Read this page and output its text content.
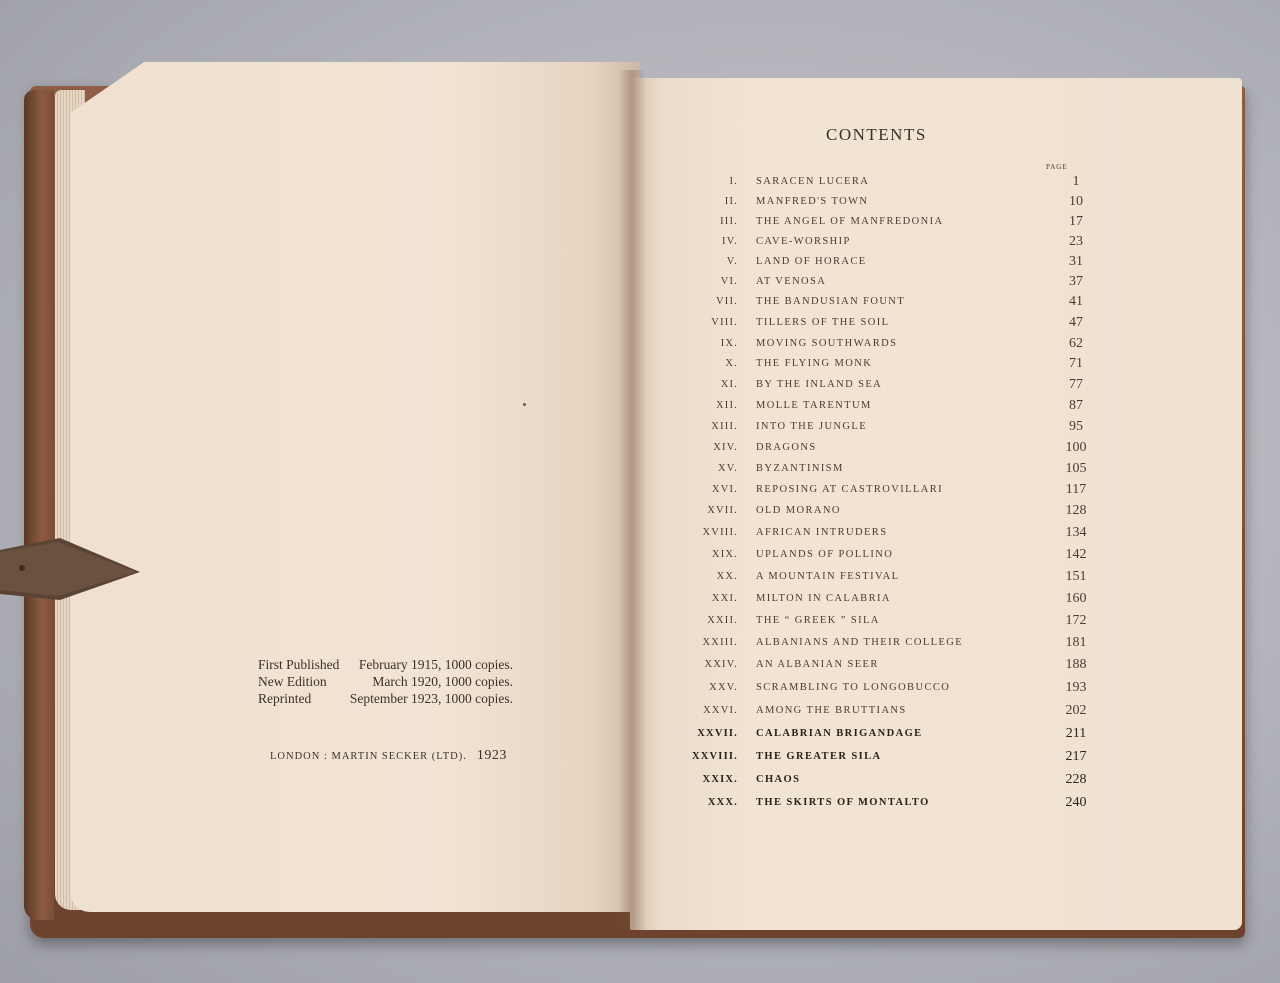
First Published February 1915, 1000 copies.
New Edition	March 1920, 1000 copies.
Reprinted	September 1923, 1000 copies.
LONDON : MARTIN SECKER (LTD). 1923
CONTENTS
PAGE
I. SARACEN LUCERA	1
II. MANFRED'S TOWN	10
III. THE ANGEL OF MANFREDONIA	17
IV. CAVE-WORSHIP	23
V. LAND OF HORACE	31
VI. AT VENOSA	37
VII. THE BANDUSIAN FOUNT	41
VIII. TILLERS OF THE SOIL	47
IX. MOVING SOUTHWARDS	62
X. THE FLYING MONK	71
XI. BY THE INLAND SEA	77
XII. MOLLE TARENTUM	87
XIII. INTO THE JUNGLE	95
XIV. DRAGONS	100
XV. BYZANTINISM	105
XVI. REPOSING AT CASTROVILLARI	117
XVII. OLD MORANO	128
XVIII. AFRICAN INTRUDERS	134
XIX. UPLANDS OF POLLINO	142
XX. A MOUNTAIN FESTIVAL	151
XXI. MILTON IN CALABRIA	160
XXII. THE “ GREEK ” SILA	172
XXIII. ALBANIANS AND THEIR COLLEGE	181
XXIV. AN ALBANIAN SEER	188
XXV. SCRAMBLING TO LONGOBUCCO	193
XXVI. AMONG THE BRUTTIANS	202
XXVII. CALABRIAN BRIGANDAGE	211
XXVIII. THE GREATER SILA	217
XXIX. CHAOS	228
XXX. THE SKIRTS OF MONTALTO	240
